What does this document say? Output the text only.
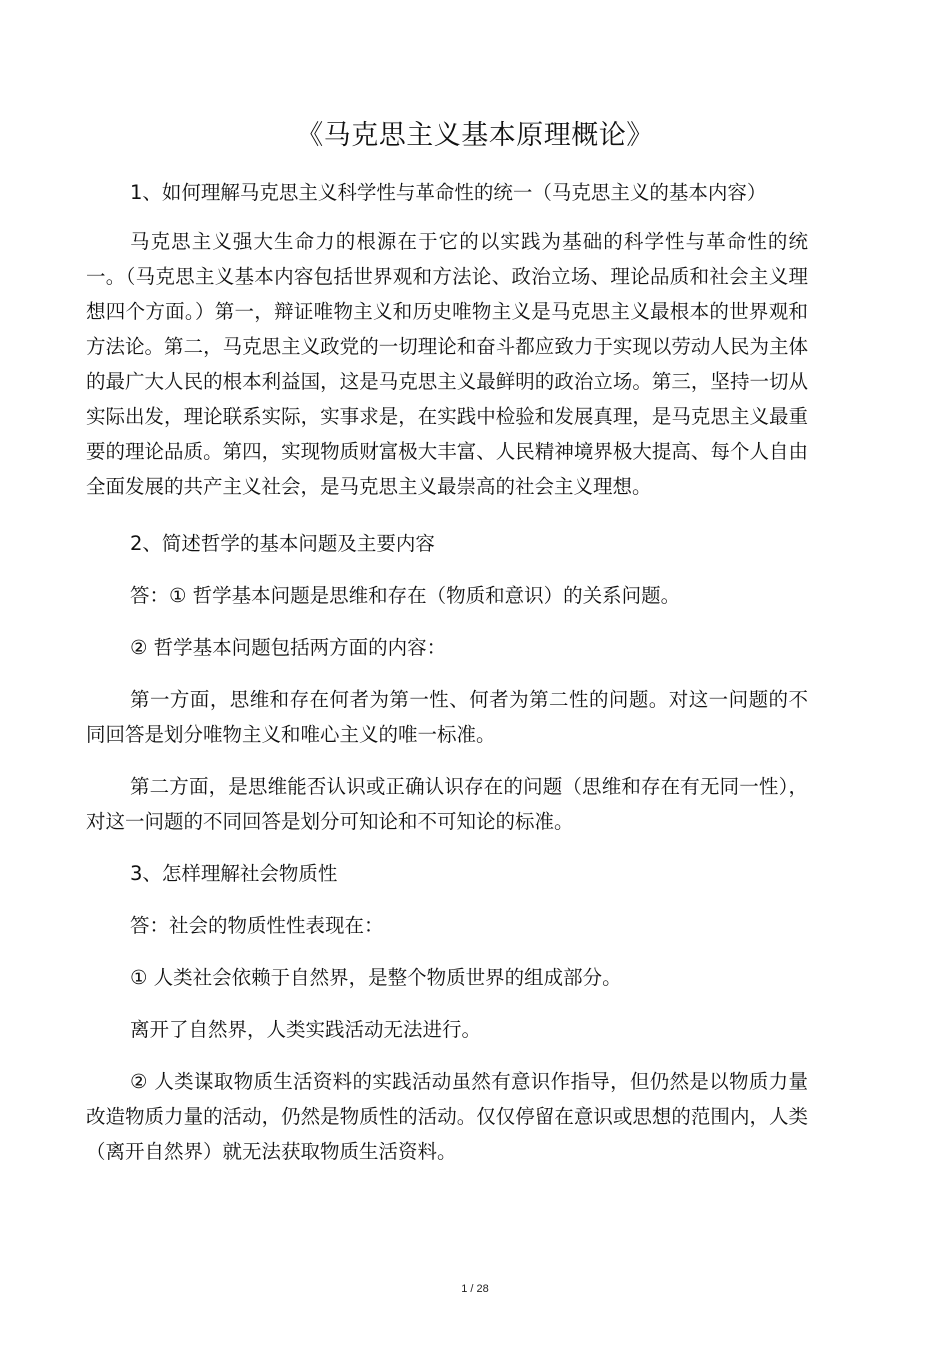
《马克思主义基本原理概论》

1、如何理解马克思主义科学性与革命性的统一（马克思主义的基本内容）

马克思主义强大生命力的根源在于它的以实践为基础的科学性与革命性的统一。（马克思主义基本内容包括世界观和方法论、政治立场、理论品质和社会主义理想四个方面。）第一，辩证唯物主义和历史唯物主义是马克思主义最根本的世界观和方法论。第二，马克思主义政党的一切理论和奋斗都应致力于实现以劳动人民为主体的最广大人民的根本利益国，这是马克思主义最鲜明的政治立场。第三，坚持一切从实际出发，理论联系实际，实事求是，在实践中检验和发展真理，是马克思主义最重要的理论品质。第四，实现物质财富极大丰富、人民精神境界极大提高、每个人自由全面发展的共产主义社会，是马克思主义最崇高的社会主义理想。

2、简述哲学的基本问题及主要内容

答：① 哲学基本问题是思维和存在（物质和意识）的关系问题。

② 哲学基本问题包括两方面的内容：

第一方面，思维和存在何者为第一性、何者为第二性的问题。对这一问题的不同回答是划分唯物主义和唯心主义的唯一标准。

第二方面，是思维能否认识或正确认识存在的问题（思维和存在有无同一性），对这一问题的不同回答是划分可知论和不可知论的标准。

3、怎样理解社会物质性

答：社会的物质性性表现在：

① 人类社会依赖于自然界，是整个物质世界的组成部分。

离开了自然界，人类实践活动无法进行。

② 人类谋取物质生活资料的实践活动虽然有意识作指导，但仍然是以物质力量改造物质力量的活动，仍然是物质性的活动。仅仅停留在意识或思想的范围内，人类（离开自然界）就无法获取物质生活资料。

1 / 28
